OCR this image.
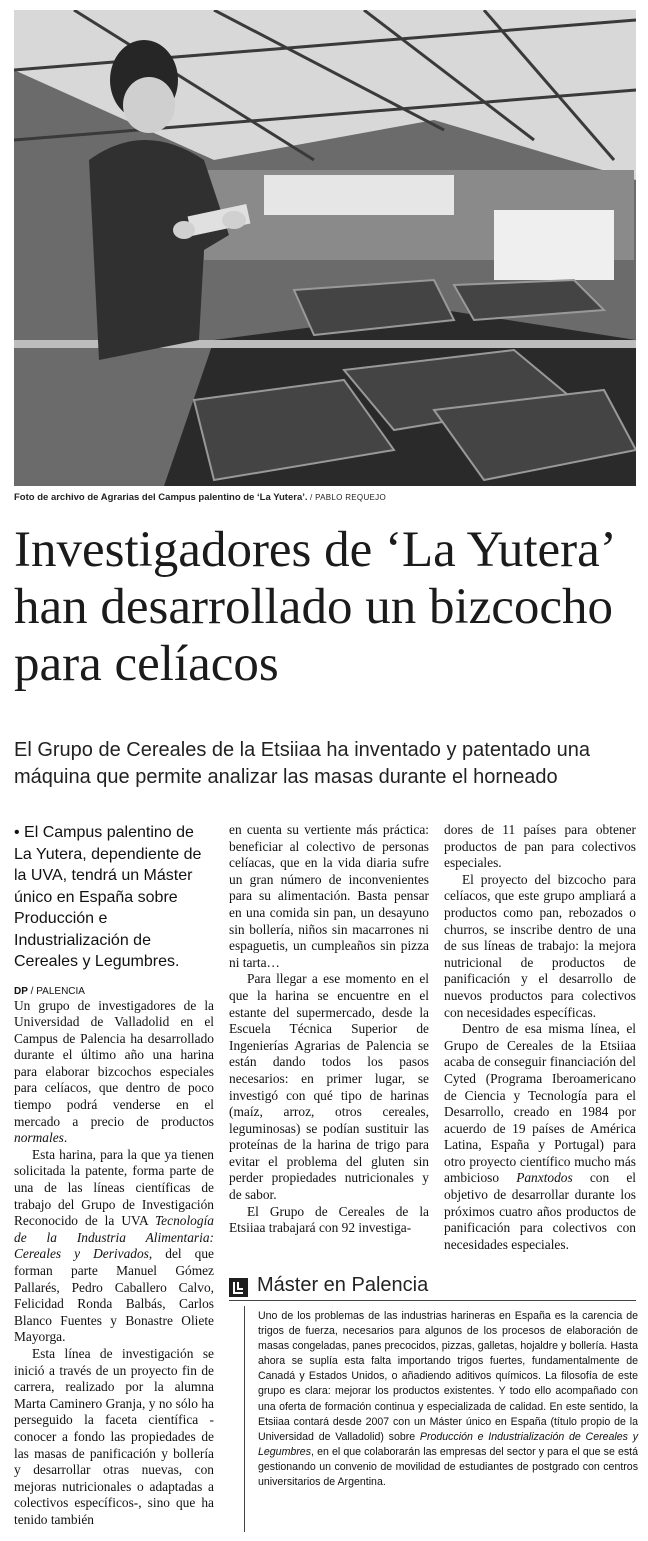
Foto de archivo de Agrarias del Campus palentino de ‘La Yutera’. / PABLO REQUEJO
Investigadores de ‘La Yutera’ han desarrollado un bizcocho para celíacos
El Grupo de Cereales de la Etsiiaa ha inventado y patentado una máquina que permite analizar las masas durante el horneado
• El Campus palentino de La Yutera, dependiente de la UVA, tendrá un Máster único en España sobre Producción e Industrialización de Cereales y Legumbres.

DP / PALENCIA

Un grupo de investigadores de la Universidad de Valladolid en el Campus de Palencia ha desarrollado durante el último año una harina para elaborar bizcochos especiales para celíacos, que dentro de poco tiempo podrá venderse en el mercado a precio de productos normales.

Esta harina, para la que ya tienen solicitada la patente, forma parte de una de las líneas científicas de trabajo del Grupo de Investigación Reconocido de la UVA Tecnología de la Industria Alimentaria: Cereales y Derivados, del que forman parte Manuel Gómez Pallarés, Pedro Caballero Calvo, Felicidad Ronda Balbás, Carlos Blanco Fuentes y Bonastre Oliete Mayorga.

Esta línea de investigación se inició a través de un proyecto fin de carrera, realizado por la alumna Marta Caminero Granja, y no sólo ha perseguido la faceta científica -conocer a fondo las propiedades de las masas de panificación y bollería y desarrollar otras nuevas, con mejoras nutricionales o adaptadas a colectivos específicos-, sino que ha tenido también

en cuenta su vertiente más práctica: beneficiar al colectivo de personas celíacas, que en la vida diaria sufre un gran número de inconvenientes para su alimentación. Basta pensar en una comida sin pan, un desayuno sin bollería, niños sin macarrones ni espaguetis, un cumpleaños sin pizza ni tarta…

Para llegar a ese momento en el que la harina se encuentre en el estante del supermercado, desde la Escuela Técnica Superior de Ingenierías Agrarias de Palencia se están dando todos los pasos necesarios: en primer lugar, se investigó con qué tipo de harinas (maíz, arroz, otros cereales, leguminosas) se podían sustituir las proteínas de la harina de trigo para evitar el problema del gluten sin perder propiedades nutricionales y de sabor.

El Grupo de Cereales de la Etsiiaa trabajará con 92 investiga-

dores de 11 países para obtener productos de pan para colectivos especiales.

El proyecto del bizcocho para celíacos, que este grupo ampliará a productos como pan, rebozados o churros, se inscribe dentro de una de sus líneas de trabajo: la mejora nutricional de productos de panificación y el desarrollo de nuevos productos para colectivos con necesidades específicas.

Dentro de esa misma línea, el Grupo de Cereales de la Etsiiaa acaba de conseguir financiación del Cyted (Programa Iberoamericano de Ciencia y Tecnología para el Desarrollo, creado en 1984 por acuerdo de 19 países de América Latina, España y Portugal) para otro proyecto científico mucho más ambicioso Panxtodos con el objetivo de desarrollar durante los próximos cuatro años productos de panificación para colectivos con necesidades especiales.

Máster en Palencia
Uno de los problemas de las industrias harineras en España es la carencia de trigos de fuerza, necesarios para algunos de los procesos de elaboración de masas congeladas, panes precocidos, pizzas, galletas, hojaldre y bollería. Hasta ahora se suplía esta falta importando trigos fuertes, fundamentalmente de Canadá y Estados Unidos, o añadiendo aditivos químicos. La filosofía de este grupo es clara: mejorar los productos existentes. Y todo ello acompañado con una oferta de formación continua y especializada de calidad. En este sentido, la Etsiiaa contará desde 2007 con un Máster único en España (título propio de la Universidad de Valladolid) sobre Producción e Industrialización de Cereales y Legumbres, en el que colaborarán las empresas del sector y para el que se está gestionando un convenio de movilidad de estudiantes de postgrado con centros universitarios de Argentina.
